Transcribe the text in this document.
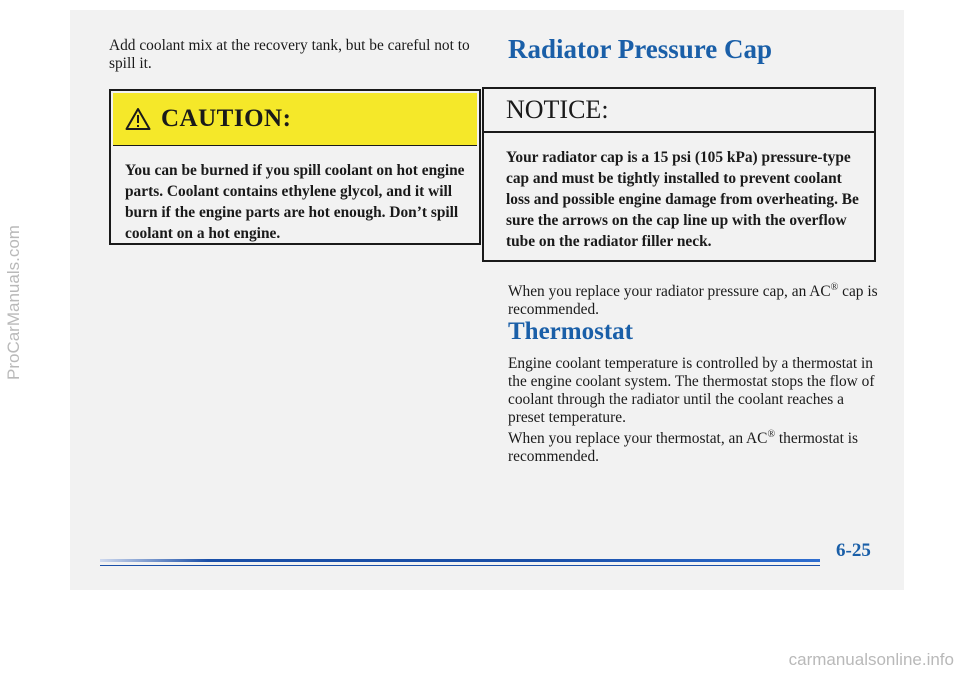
ProCarManuals.com

Add coolant mix at the recovery tank, but be careful not to spill it.

CAUTION:

You can be burned if you spill coolant on hot engine parts. Coolant contains ethylene glycol, and it will burn if the engine parts are hot enough. Don’t spill coolant on a hot engine.

Radiator Pressure Cap
NOTICE:

Your radiator cap is a 15 psi (105 kPa) pressure-type cap and must be tightly installed to prevent coolant loss and possible engine damage from overheating. Be sure the arrows on the cap line up with the overflow tube on the radiator filler neck.

When you replace your radiator pressure cap, an AC® cap is recommended.

Thermostat

Engine coolant temperature is controlled by a thermostat in the engine coolant system. The thermostat stops the flow of coolant through the radiator until the coolant reaches a preset temperature.

When you replace your thermostat, an AC® thermostat is recommended.

6-25
carmanualsonline.info
